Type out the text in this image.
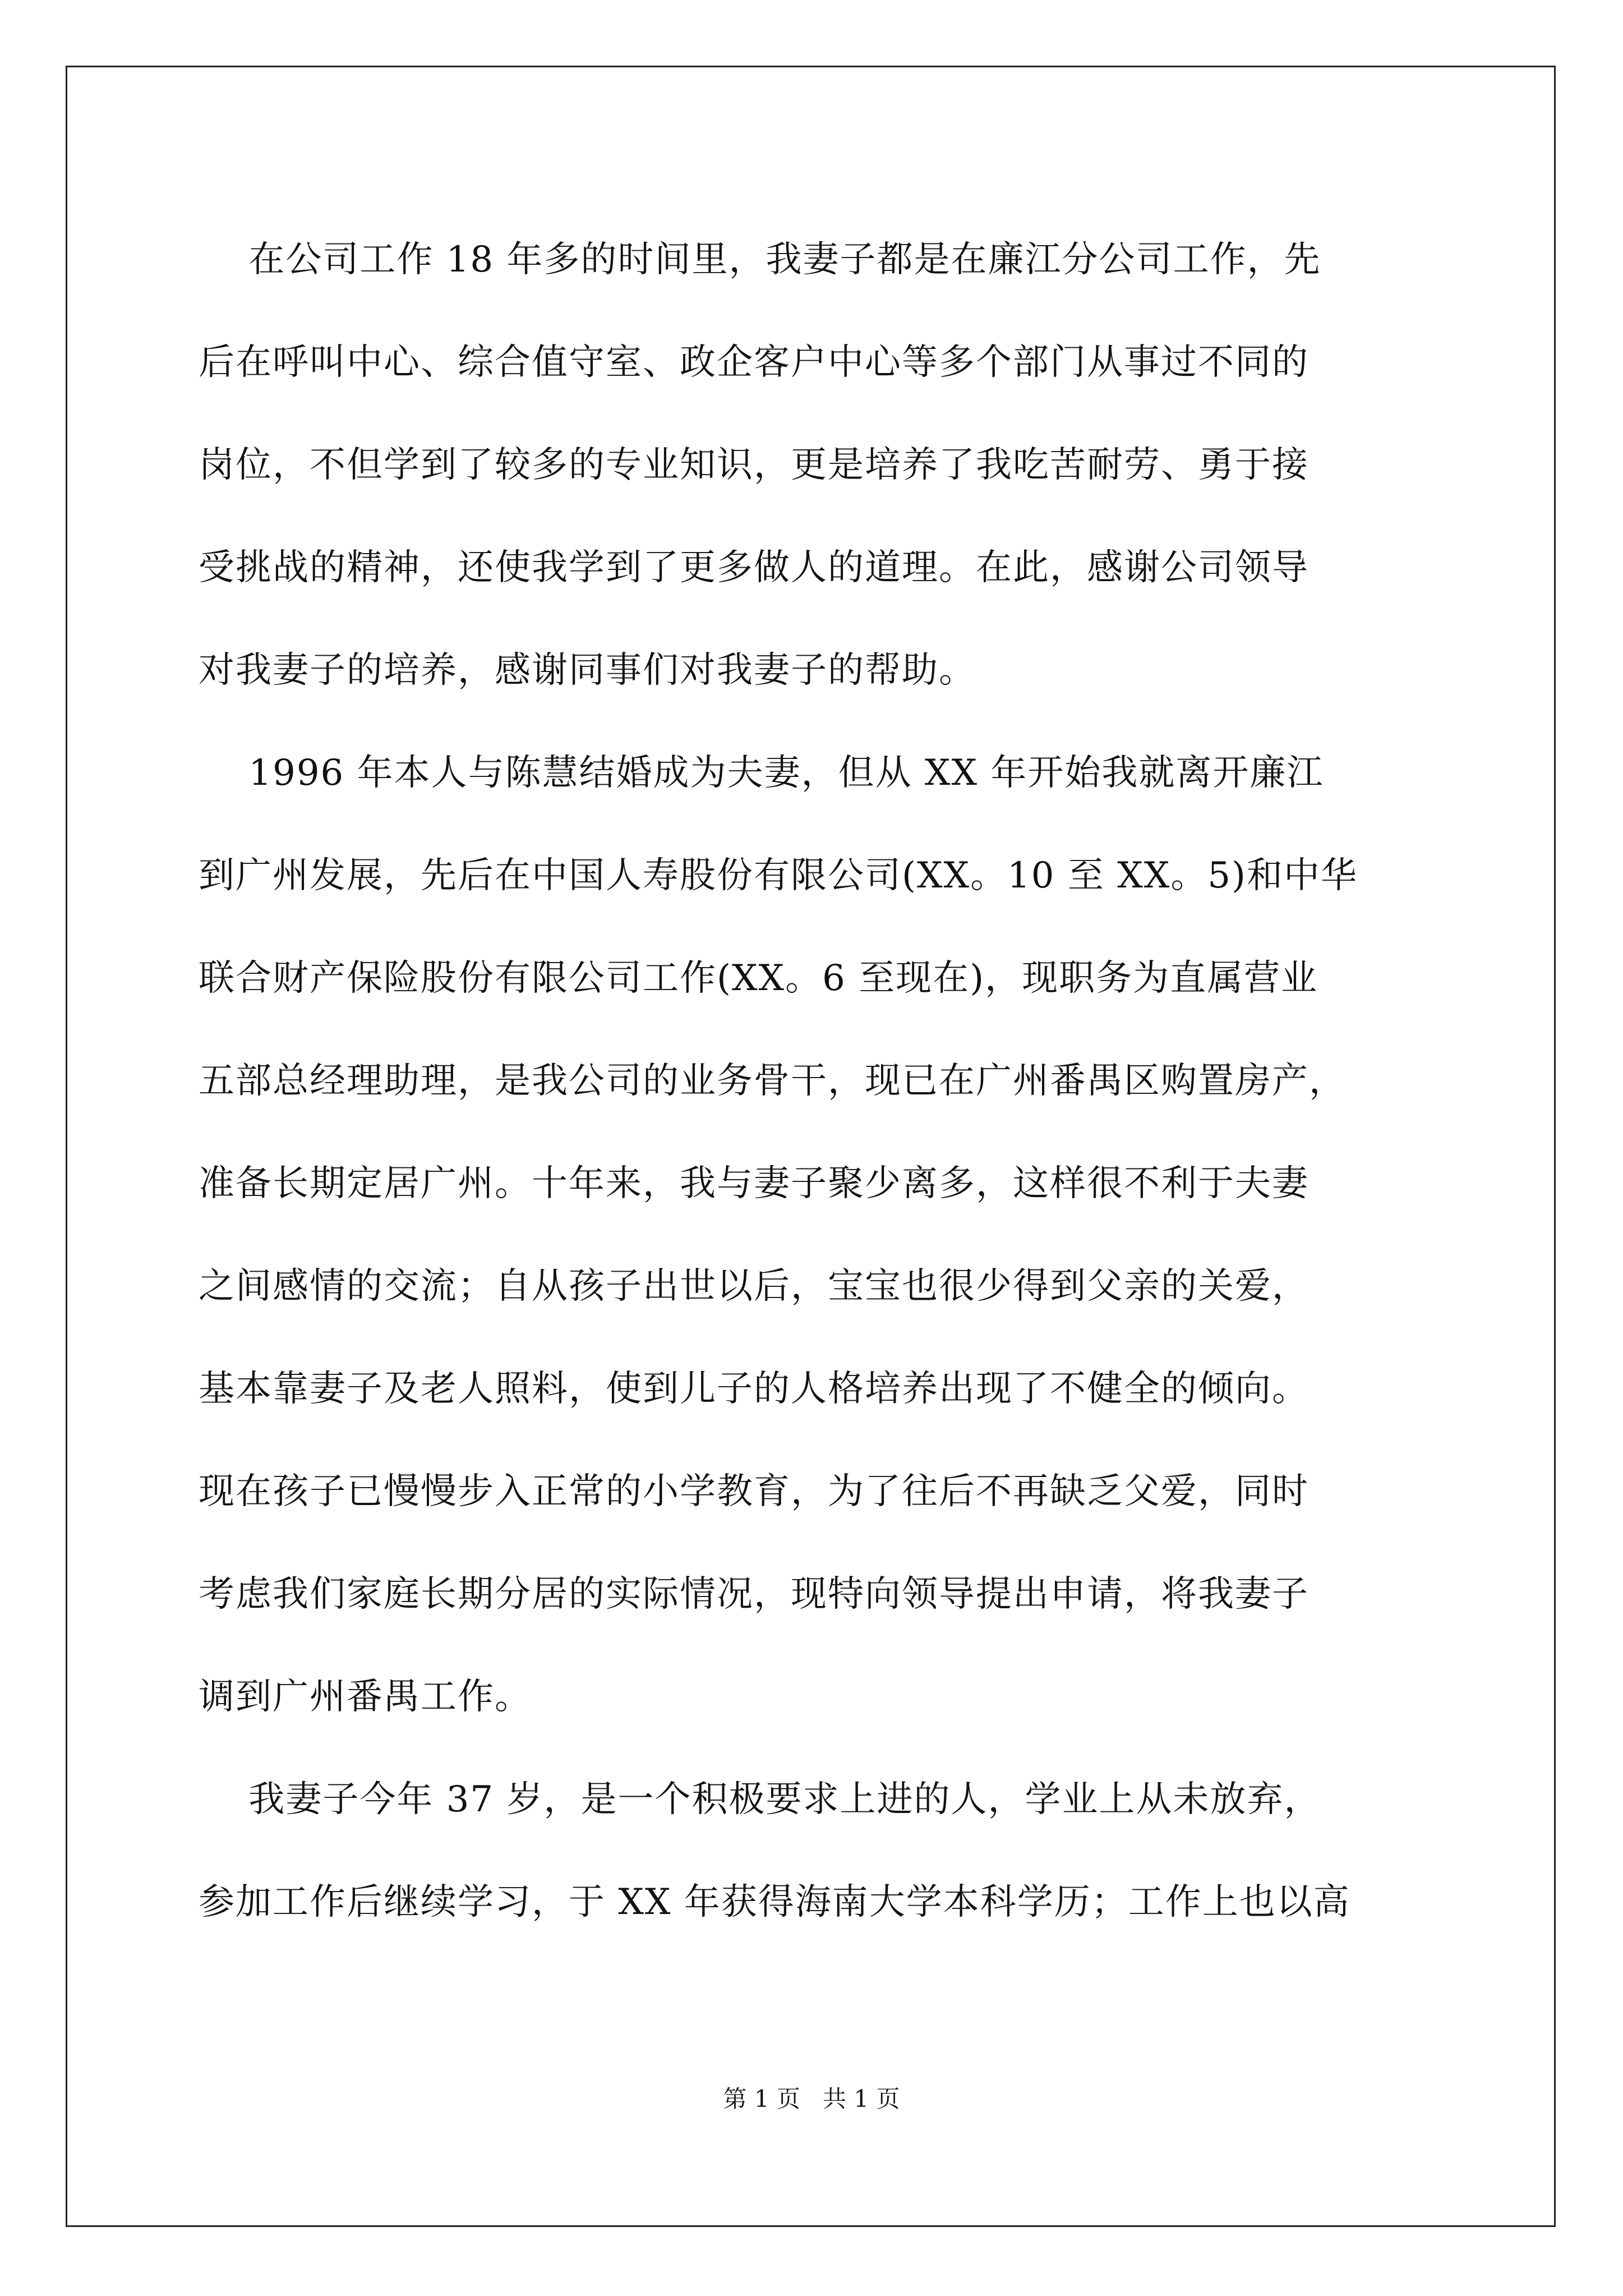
在公司工作 18 年多的时间里，我妻子都是在廉江分公司工作，先
后在呼叫中心、综合值守室、政企客户中心等多个部门从事过不同的
岗位，不但学到了较多的专业知识，更是培养了我吃苦耐劳、勇于接
受挑战的精神，还使我学到了更多做人的道理。在此，感谢公司领导
对我妻子的培养，感谢同事们对我妻子的帮助。
1996 年本人与陈慧结婚成为夫妻，但从 XX 年开始我就离开廉江
到广州发展，先后在中国人寿股份有限公司(XX。10 至 XX。5)和中华
联合财产保险股份有限公司工作(XX。6 至现在)，现职务为直属营业
五部总经理助理，是我公司的业务骨干，现已在广州番禺区购置房产，
准备长期定居广州。十年来，我与妻子聚少离多，这样很不利于夫妻
之间感情的交流；自从孩子出世以后，宝宝也很少得到父亲的关爱，
基本靠妻子及老人照料，使到儿子的人格培养出现了不健全的倾向。
现在孩子已慢慢步入正常的小学教育，为了往后不再缺乏父爱，同时
考虑我们家庭长期分居的实际情况，现特向领导提出申请，将我妻子
调到广州番禺工作。
我妻子今年 37 岁，是一个积极要求上进的人，学业上从未放弃，
参加工作后继续学习，于 XX 年获得海南大学本科学历；工作上也以高
第 1 页   共 1 页
